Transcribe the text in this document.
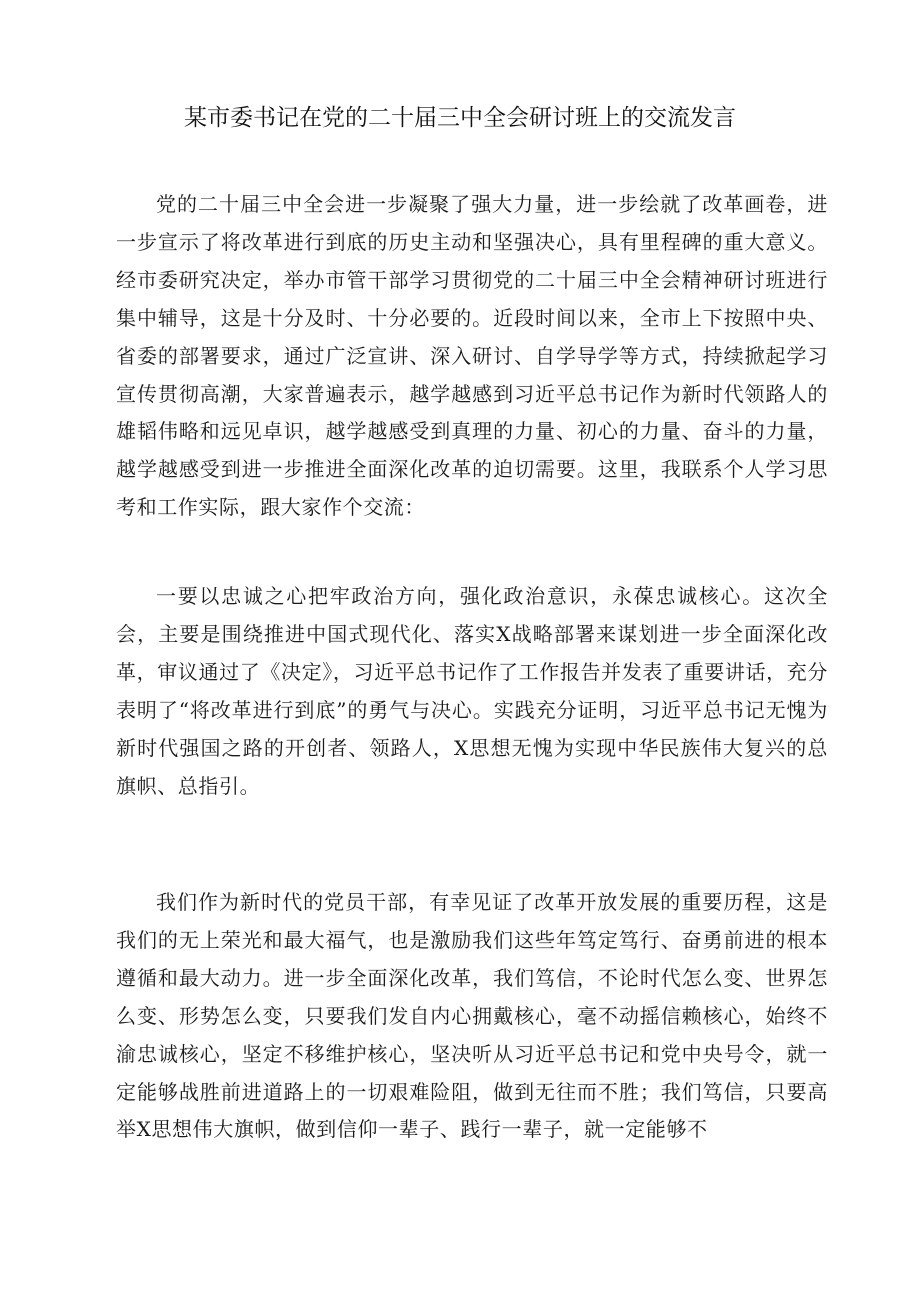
某市委书记在党的二十届三中全会研讨班上的交流发言

党的二十届三中全会进一步凝聚了强大力量，进一步绘就了改革画卷，进一步宣示了将改革进行到底的历史主动和坚强决心，具有里程碑的重大意义。经市委研究决定，举办市管干部学习贯彻党的二十届三中全会精神研讨班进行集中辅导，这是十分及时、十分必要的。近段时间以来，全市上下按照中央、省委的部署要求，通过广泛宣讲、深入研讨、自学导学等方式，持续掀起学习宣传贯彻高潮，大家普遍表示，越学越感到习近平总书记作为新时代领路人的雄韬伟略和远见卓识，越学越感受到真理的力量、初心的力量、奋斗的力量，越学越感受到进一步推进全面深化改革的迫切需要。这里，我联系个人学习思考和工作实际，跟大家作个交流：

一要以忠诚之心把牢政治方向，强化政治意识，永葆忠诚核心。这次全会，主要是围绕推进中国式现代化、落实X战略部署来谋划进一步全面深化改革，审议通过了《决定》，习近平总书记作了工作报告并发表了重要讲话，充分表明了“将改革进行到底”的勇气与决心。实践充分证明，习近平总书记无愧为新时代强国之路的开创者、领路人，X思想无愧为实现中华民族伟大复兴的总旗帜、总指引。

我们作为新时代的党员干部，有幸见证了改革开放发展的重要历程，这是我们的无上荣光和最大福气，也是激励我们这些年笃定笃行、奋勇前进的根本遵循和最大动力。进一步全面深化改革，我们笃信，不论时代怎么变、世界怎么变、形势怎么变，只要我们发自内心拥戴核心，毫不动摇信赖核心，始终不渝忠诚核心，坚定不移维护核心，坚决听从习近平总书记和党中央号令，就一定能够战胜前进道路上的一切艰难险阻，做到无往而不胜；我们笃信，只要高举X思想伟大旗帜，做到信仰一辈子、践行一辈子，就一定能够不
